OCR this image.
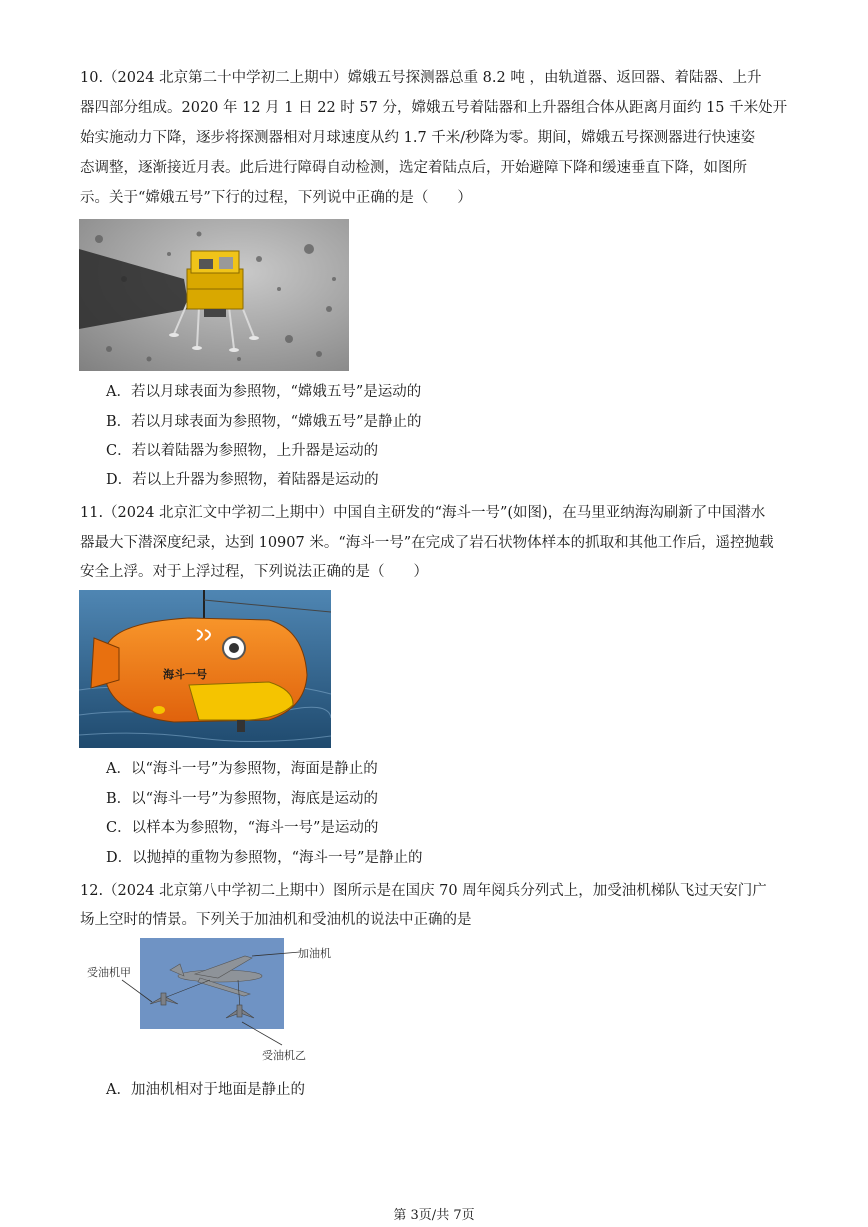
10.（2024 北京第二十中学初二上期中）嫦娥五号探测器总重 8.2 吨 ，由轨道器、返回器、着陆器、上升
器四部分组成。2020 年 12 月 1 日 22 时 57 分，嫦娥五号着陆器和上升器组合体从距离月面约 15 千米处开
始实施动力下降，逐步将探测器相对月球速度从约 1.7 千米/秒降为零。期间，嫦娥五号探测器进行快速姿
态调整，逐渐接近月表。此后进行障碍自动检测，选定着陆点后，开始避障下降和缓速垂直下降，如图所
示。关于“嫦娥五号”下行的过程，下列说中正确的是（　　）
A．若以月球表面为参照物，“嫦娥五号”是运动的
B．若以月球表面为参照物，“嫦娥五号”是静止的
C．若以着陆器为参照物，上升器是运动的
D．若以上升器为参照物，着陆器是运动的
11.（2024 北京汇文中学初二上期中）中国自主研发的“海斗一号”(如图)，在马里亚纳海沟刷新了中国潜水
器最大下潜深度纪录，达到 10907 米。“海斗一号”在完成了岩石状物体样本的抓取和其他工作后，遥控抛载
安全上浮。对于上浮过程，下列说法正确的是（　　）
海斗一号
A．以“海斗一号”为参照物，海面是静止的
B．以“海斗一号”为参照物，海底是运动的
C．以样本为参照物，“海斗一号”是运动的
D．以抛掉的重物为参照物，“海斗一号”是静止的
12.（2024 北京第八中学初二上期中）图所示是在国庆 70 周年阅兵分列式上，加受油机梯队飞过天安门广
场上空时的情景。下列关于加油机和受油机的说法中正确的是
加油机
受油机甲
受油机乙
A．加油机相对于地面是静止的
第 3页/共 7页
